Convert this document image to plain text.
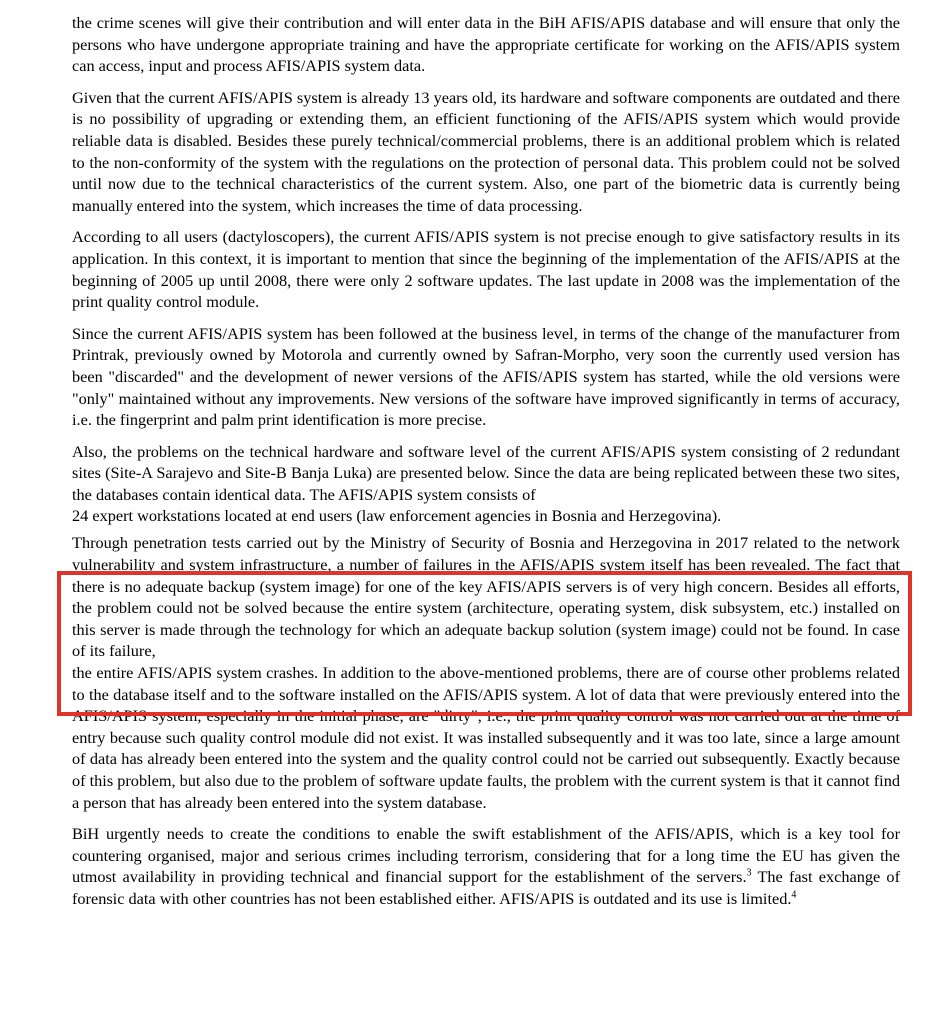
the crime scenes will give their contribution and will enter data in the BiH AFIS/APIS database and will ensure that only the persons who have undergone appropriate training and have the appropriate certificate for working on the AFIS/APIS system can access, input and process AFIS/APIS system data.

Given that the current AFIS/APIS system is already 13 years old, its hardware and software components are outdated and there is no possibility of upgrading or extending them, an efficient functioning of the AFIS/APIS system which would provide reliable data is disabled. Besides these purely technical/commercial problems, there is an additional problem which is related to the non-conformity of the system with the regulations on the protection of personal data. This problem could not be solved until now due to the technical characteristics of the current system. Also, one part of the biometric data is currently being manually entered into the system, which increases the time of data processing.

According to all users (dactyloscopers), the current AFIS/APIS system is not precise enough to give satisfactory results in its application. In this context, it is important to mention that since the beginning of the implementation of the AFIS/APIS at the beginning of 2005 up until 2008, there were only 2 software updates. The last update in 2008 was the implementation of the print quality control module.

Since the current AFIS/APIS system has been followed at the business level, in terms of the change of the manufacturer from Printrak, previously owned by Motorola and currently owned by Safran-Morpho, very soon the currently used version has been "discarded" and the development of newer versions of the AFIS/APIS system has started, while the old versions were "only" maintained without any improvements. New versions of the software have improved significantly in terms of accuracy, i.e. the fingerprint and palm print identification is more precise.

Also, the problems on the technical hardware and software level of the current AFIS/APIS system consisting of 2 redundant sites (Site-A Sarajevo and Site-B Banja Luka) are presented below. Since the data are being replicated between these two sites, the databases contain identical data. The AFIS/APIS system consists of

24 expert workstations located at end users (law enforcement agencies in Bosnia and Herzegovina).

Through penetration tests carried out by the Ministry of Security of Bosnia and Herzegovina in 2017 related to the network vulnerability and system infrastructure, a number of failures in the AFIS/APIS system itself has been revealed. The fact that there is no adequate backup (system image) for one of the key AFIS/APIS servers is of very high concern. Besides all efforts, the problem could not be solved because the entire system (architecture, operating system, disk subsystem, etc.) installed on this server is made through the technology for which an adequate backup solution (system image) could not be found. In case of its failure,

the entire AFIS/APIS system crashes. In addition to the above-mentioned problems, there are of course other problems related to the database itself and to the software installed on the AFIS/APIS system. A lot of data that were previously entered into the AFIS/APIS system, especially in the initial phase, are "dirty", i.e., the print quality control was not carried out at the time of entry because such quality control module did not exist. It was installed subsequently and it was too late, since a large amount of data has already been entered into the system and the quality control could not be carried out subsequently. Exactly because of this problem, but also due to the problem of software update faults, the problem with the current system is that it cannot find a person that has already been entered into the system database.

BiH urgently needs to create the conditions to enable the swift establishment of the AFIS/APIS, which is a key tool for countering organised, major and serious crimes including terrorism, considering that for a long time the EU has given the utmost availability in providing technical and financial support for the establishment of the servers.$^3$ The fast exchange of forensic data with other countries has not been established either. AFIS/APIS is outdated and its use is limited.$^4$
